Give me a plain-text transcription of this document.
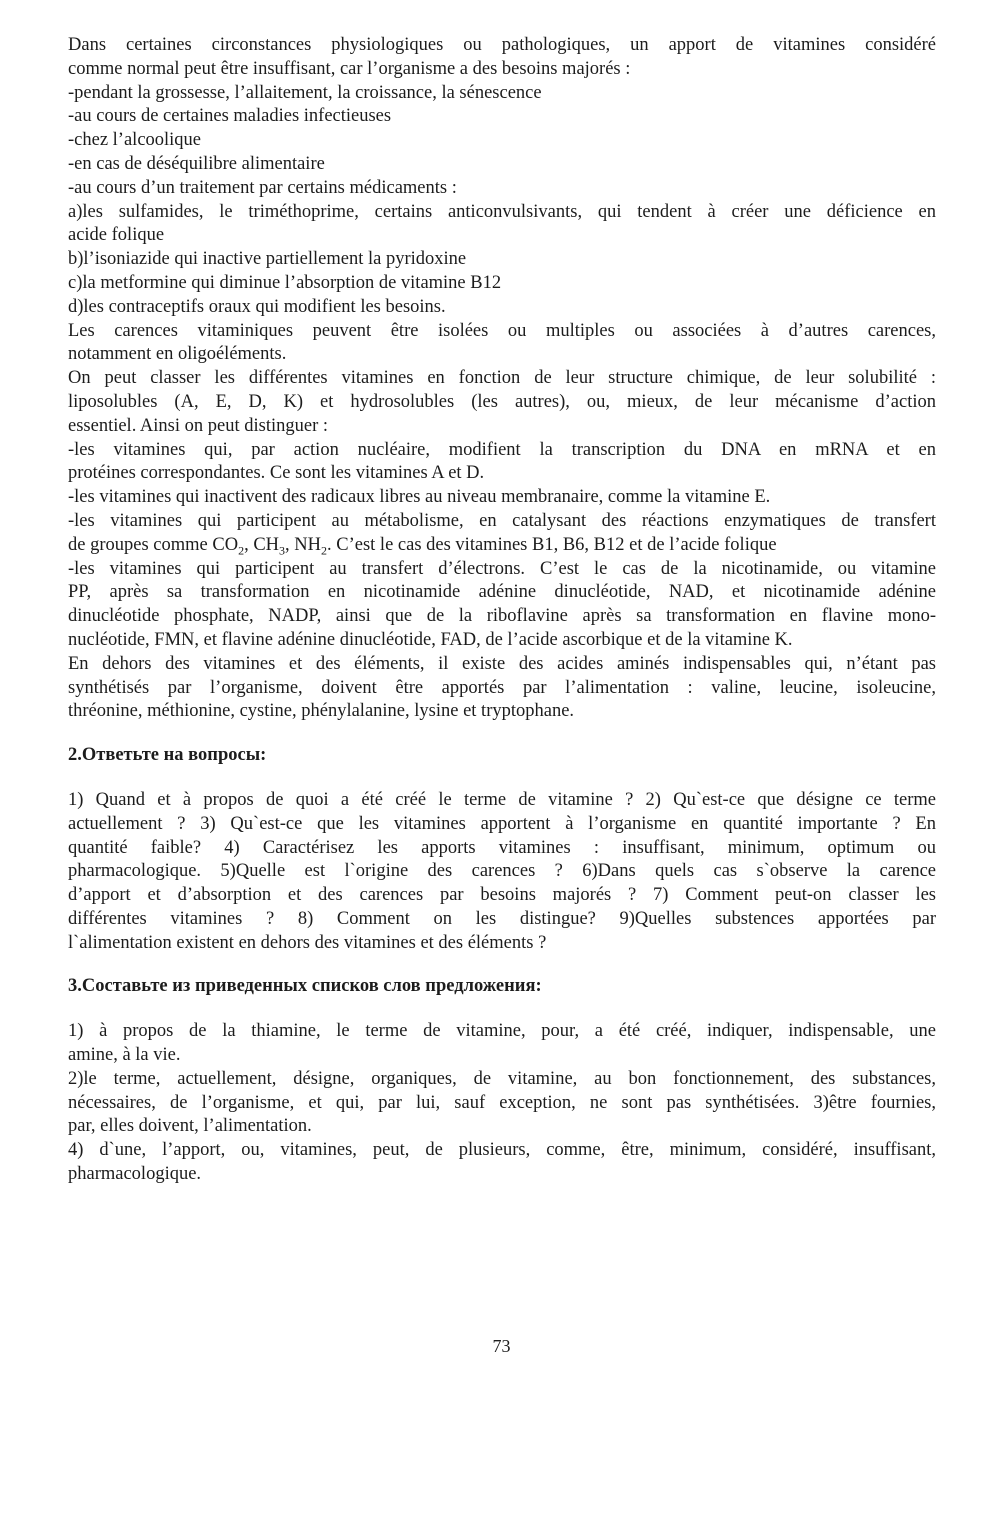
Dans certaines circonstances physiologiques ou pathologiques, un apport de vitamines considéré
comme normal peut être insuffisant, car l’organisme a des besoins majorés :
-pendant la grossesse, l’allaitement, la croissance, la sénescence
-au cours de certaines maladies infectieuses
-chez l’alcoolique
-en cas de déséquilibre alimentaire
-au cours d’un traitement par certains médicaments :
a)les sulfamides, le triméthoprime, certains anticonvulsivants, qui tendent à créer une déficience en
acide folique
b)l’isoniazide qui inactive partiellement la pyridoxine
c)la metformine qui diminue l’absorption de vitamine B12
d)les contraceptifs oraux qui modifient les besoins.
Les carences vitaminiques peuvent être isolées ou multiples ou associées à d’autres carences,
notamment en oligoéléments.
On peut classer les différentes vitamines en fonction de leur structure chimique, de leur solubilité :
liposolubles (A, E, D, K) et hydrosolubles (les autres), ou, mieux, de leur mécanisme d’action
essentiel. Ainsi on peut distinguer :
-les vitamines qui, par action nucléaire, modifient la transcription du DNA en mRNA et en
protéines correspondantes. Ce sont les vitamines A et D.
-les vitamines qui inactivent des radicaux libres au niveau membranaire, comme la vitamine E.
-les vitamines qui participent au métabolisme, en catalysant des réactions enzymatiques de transfert
de groupes comme $CO_2$, $CH_3$, $NH_2$. C’est le cas des vitamines B1, B6, B12 et de l’acide folique
-les vitamines qui participent au transfert d’électrons. C’est le cas de la nicotinamide, ou vitamine
PP, après sa transformation en nicotinamide adénine dinucléotide, NAD, et nicotinamide adénine
dinucléotide phosphate, NADP, ainsi que de la riboflavine après sa transformation en flavine mono-
nucléotide, FMN, et flavine adénine dinucléotide, FAD, de l’acide ascorbique et de la vitamine K.
En dehors des vitamines et des éléments, il existe des acides aminés indispensables qui, n’étant pas
synthétisés par l’organisme, doivent être apportés par l’alimentation : valine, leucine, isoleucine,
thréonine, méthionine, cystine, phénylalanine, lysine et tryptophane.
2.Ответьте на вопросы:
1) Quand et à propos de quoi a été créé le terme de vitamine ? 2) Qu`est-ce que désigne ce terme
actuellement ? 3) Qu`est-ce que les vitamines apportent à l’organisme en quantité importante ? En
quantité faible? 4) Caractérisez les apports vitamines : insuffisant, minimum, optimum ou
pharmacologique. 5)Quelle est l`origine des carences ? 6)Dans quels cas s`observe la carence
d’apport et d’absorption et des carences par besoins majorés ? 7) Comment peut-on classer les
différentes vitamines ? 8) Comment on les distingue? 9)Quelles substences apportées par
l`alimentation existent en dehors des vitamines et des éléments ?
3.Составьте из приведенных списков слов предложения:
1) à propos de la thiamine, le terme de vitamine, pour, a été créé, indiquer, indispensable, une
amine, à la vie.
2)le terme, actuellement, désigne, organiques, de vitamine, au bon fonctionnement, des substances,
nécessaires, de l’organisme, et qui, par lui, sauf exception, ne sont pas synthétisées. 3)être fournies,
par, elles doivent, l’alimentation.
4) d`une, l’apport, ou, vitamines, peut, de plusieurs, comme, être, minimum, considéré, insuffisant,
pharmacologique.
73
